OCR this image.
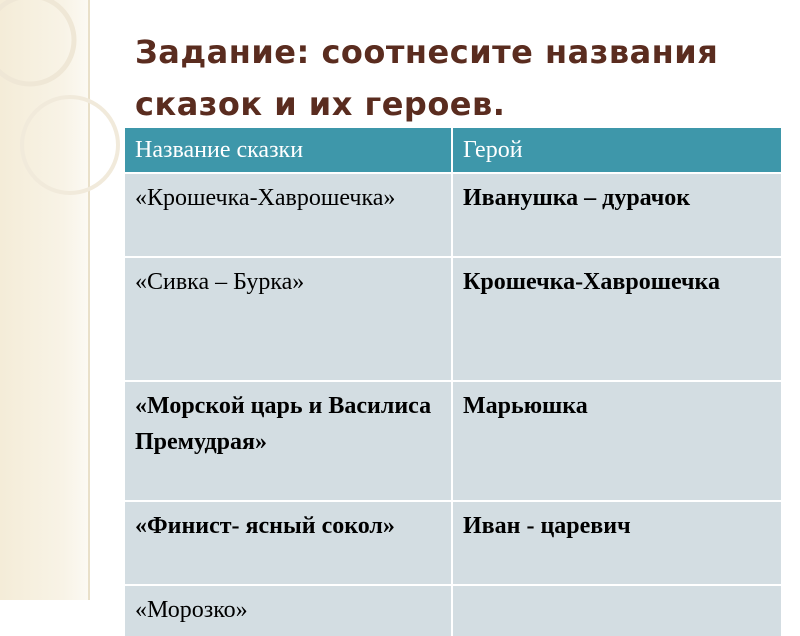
Задание: соотнесите названия
сказок и их героев.
Название сказки	Герой
«Крошечка-Хаврошечка»	Иванушка – дурачок
«Сивка – Бурка»	Крошечка-Хаврошечка
«Морской царь и Василиса Премудрая»	Марьюшка
«Финист- ясный сокол»	Иван - царевич
«Морозко»	
